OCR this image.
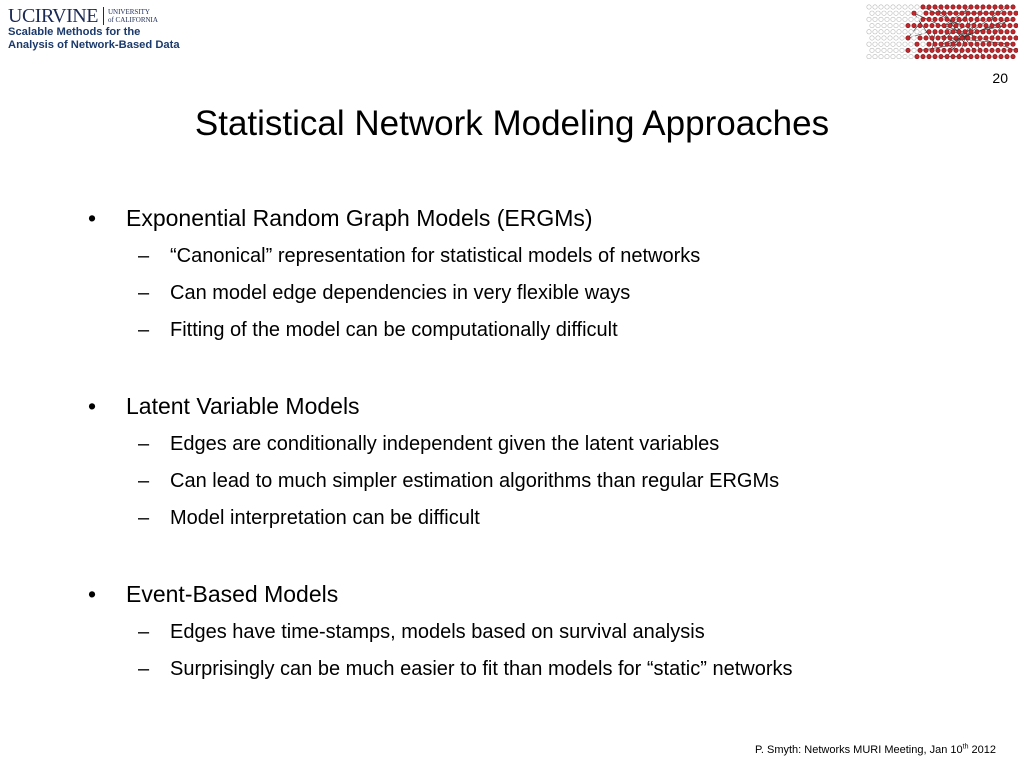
UCIRVINE UNIVERSITY
of CALIFORNIA
Scalable Methods for the
Analysis of Network-Based Data
20
Statistical Network Modeling Approaches
•	Exponential Random Graph Models (ERGMs)
–	“Canonical” representation for statistical models of networks
–	Can model edge dependencies in very flexible ways
–	Fitting of the model can be computationally difficult
•	Latent Variable Models
–	Edges are conditionally independent given the latent variables
–	Can lead to much simpler estimation algorithms than regular ERGMs
–	Model interpretation can be difficult
•	Event-Based Models
–	Edges have time-stamps, models based on survival analysis
–	Surprisingly can be much easier to fit than models for “static” networks
P. Smyth: Networks MURI Meeting, Jan 10th 2012
